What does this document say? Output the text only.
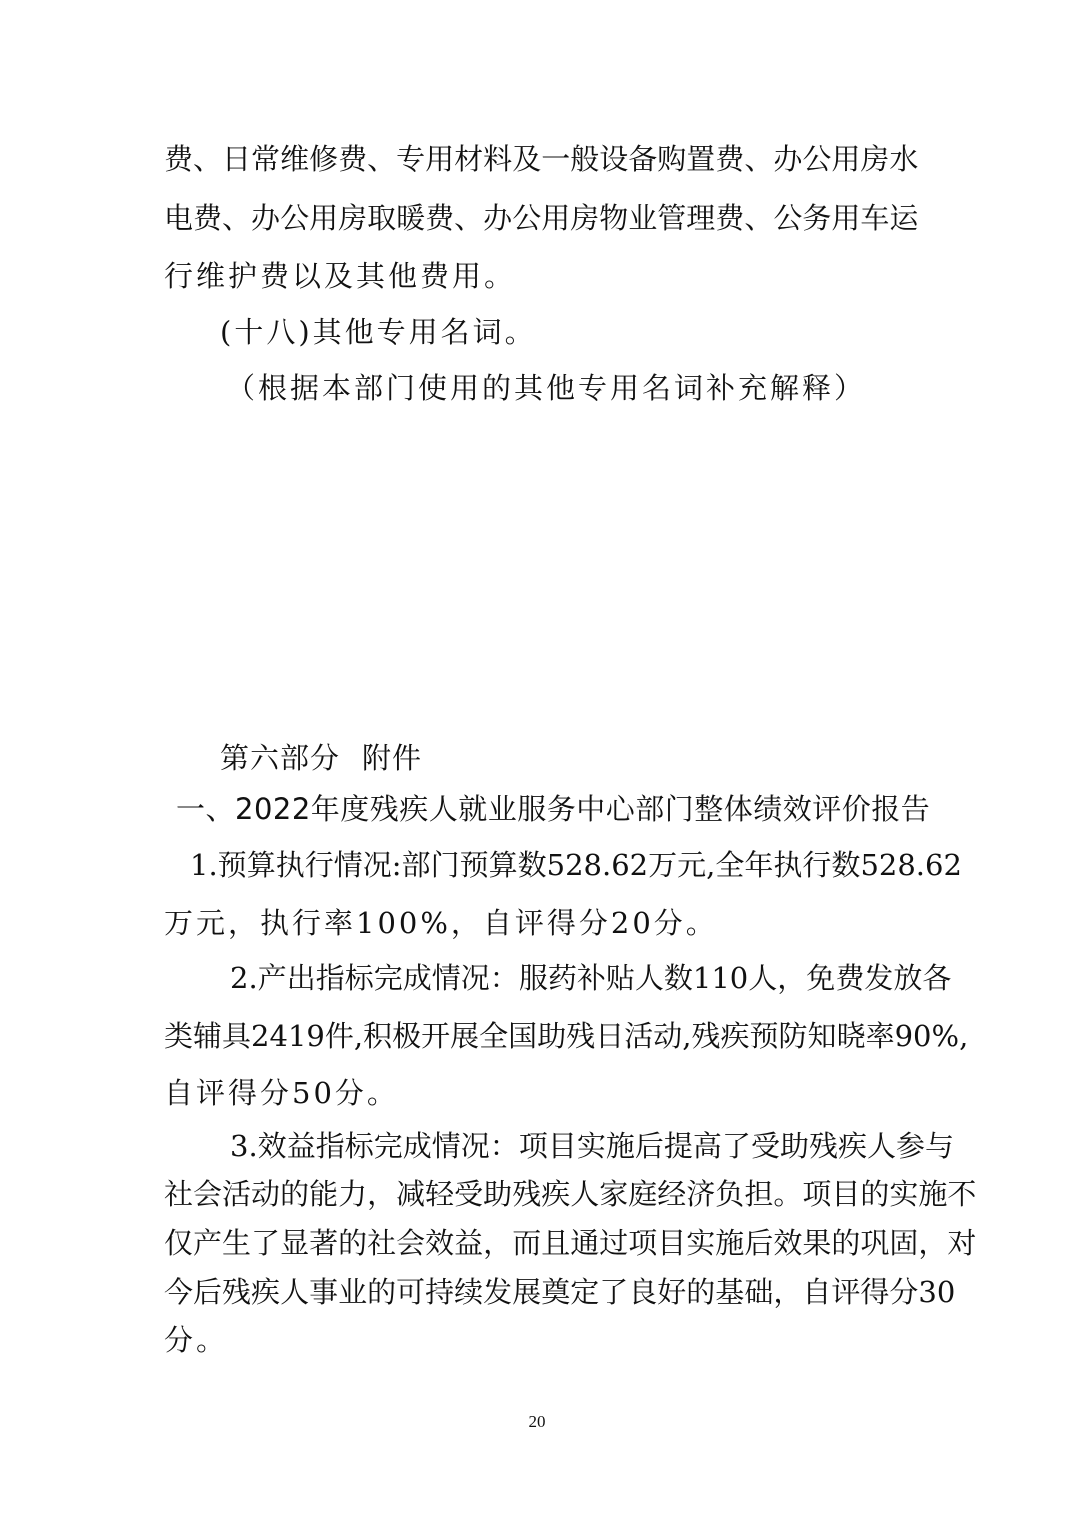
费 、 日 常 维 修 费 、 专 用 材 料 及 一 般 设 备 购 置 费 、 办 公 用 房 水
电 费 、 办 公 用 房 取 暖 费 、 办 公 用 房 物 业 管 理 费 、 公 务 用 车 运
行维护费以及其他费用。
(十八)其他专用名词。
（根据本部门使用的其他专用名词补充解释）
第六部分 附件
一、2022年度残疾人就业服务中心部门整体绩效评价报告
1. 预 算 执 行 情 况 : 部 门 预 算 数 528.62 万 元 , 全 年 执 行 数 528.62
万元，执行率100%，自评得分20分。
2. 产 出 指 标 完 成 情 况 ： 服 药 补 贴 人 数 110 人 ， 免 费 发 放 各
类 辅 具 2419 件 , 积 极 开 展 全 国 助 残 日 活 动 , 残 疾 预 防 知 晓 率 90% ,
自评得分50分。
3. 效 益 指 标 完 成 情 况 ： 项 目 实 施 后 提 高 了 受 助 残 疾 人 参 与
社 会 活 动 的 能 力 ， 减 轻 受 助 残 疾 人 家 庭 经 济 负 担 。 项 目 的 实 施 不
仅 产 生 了 显 著 的 社 会 效 益 ， 而 且 通 过 项 目 实 施 后 效 果 的 巩 固 ， 对
今 后 残 疾 人 事 业 的 可 持 续 发 展 奠 定 了 良 好 的 基 础 ， 自 评 得 分 30
分。
20
